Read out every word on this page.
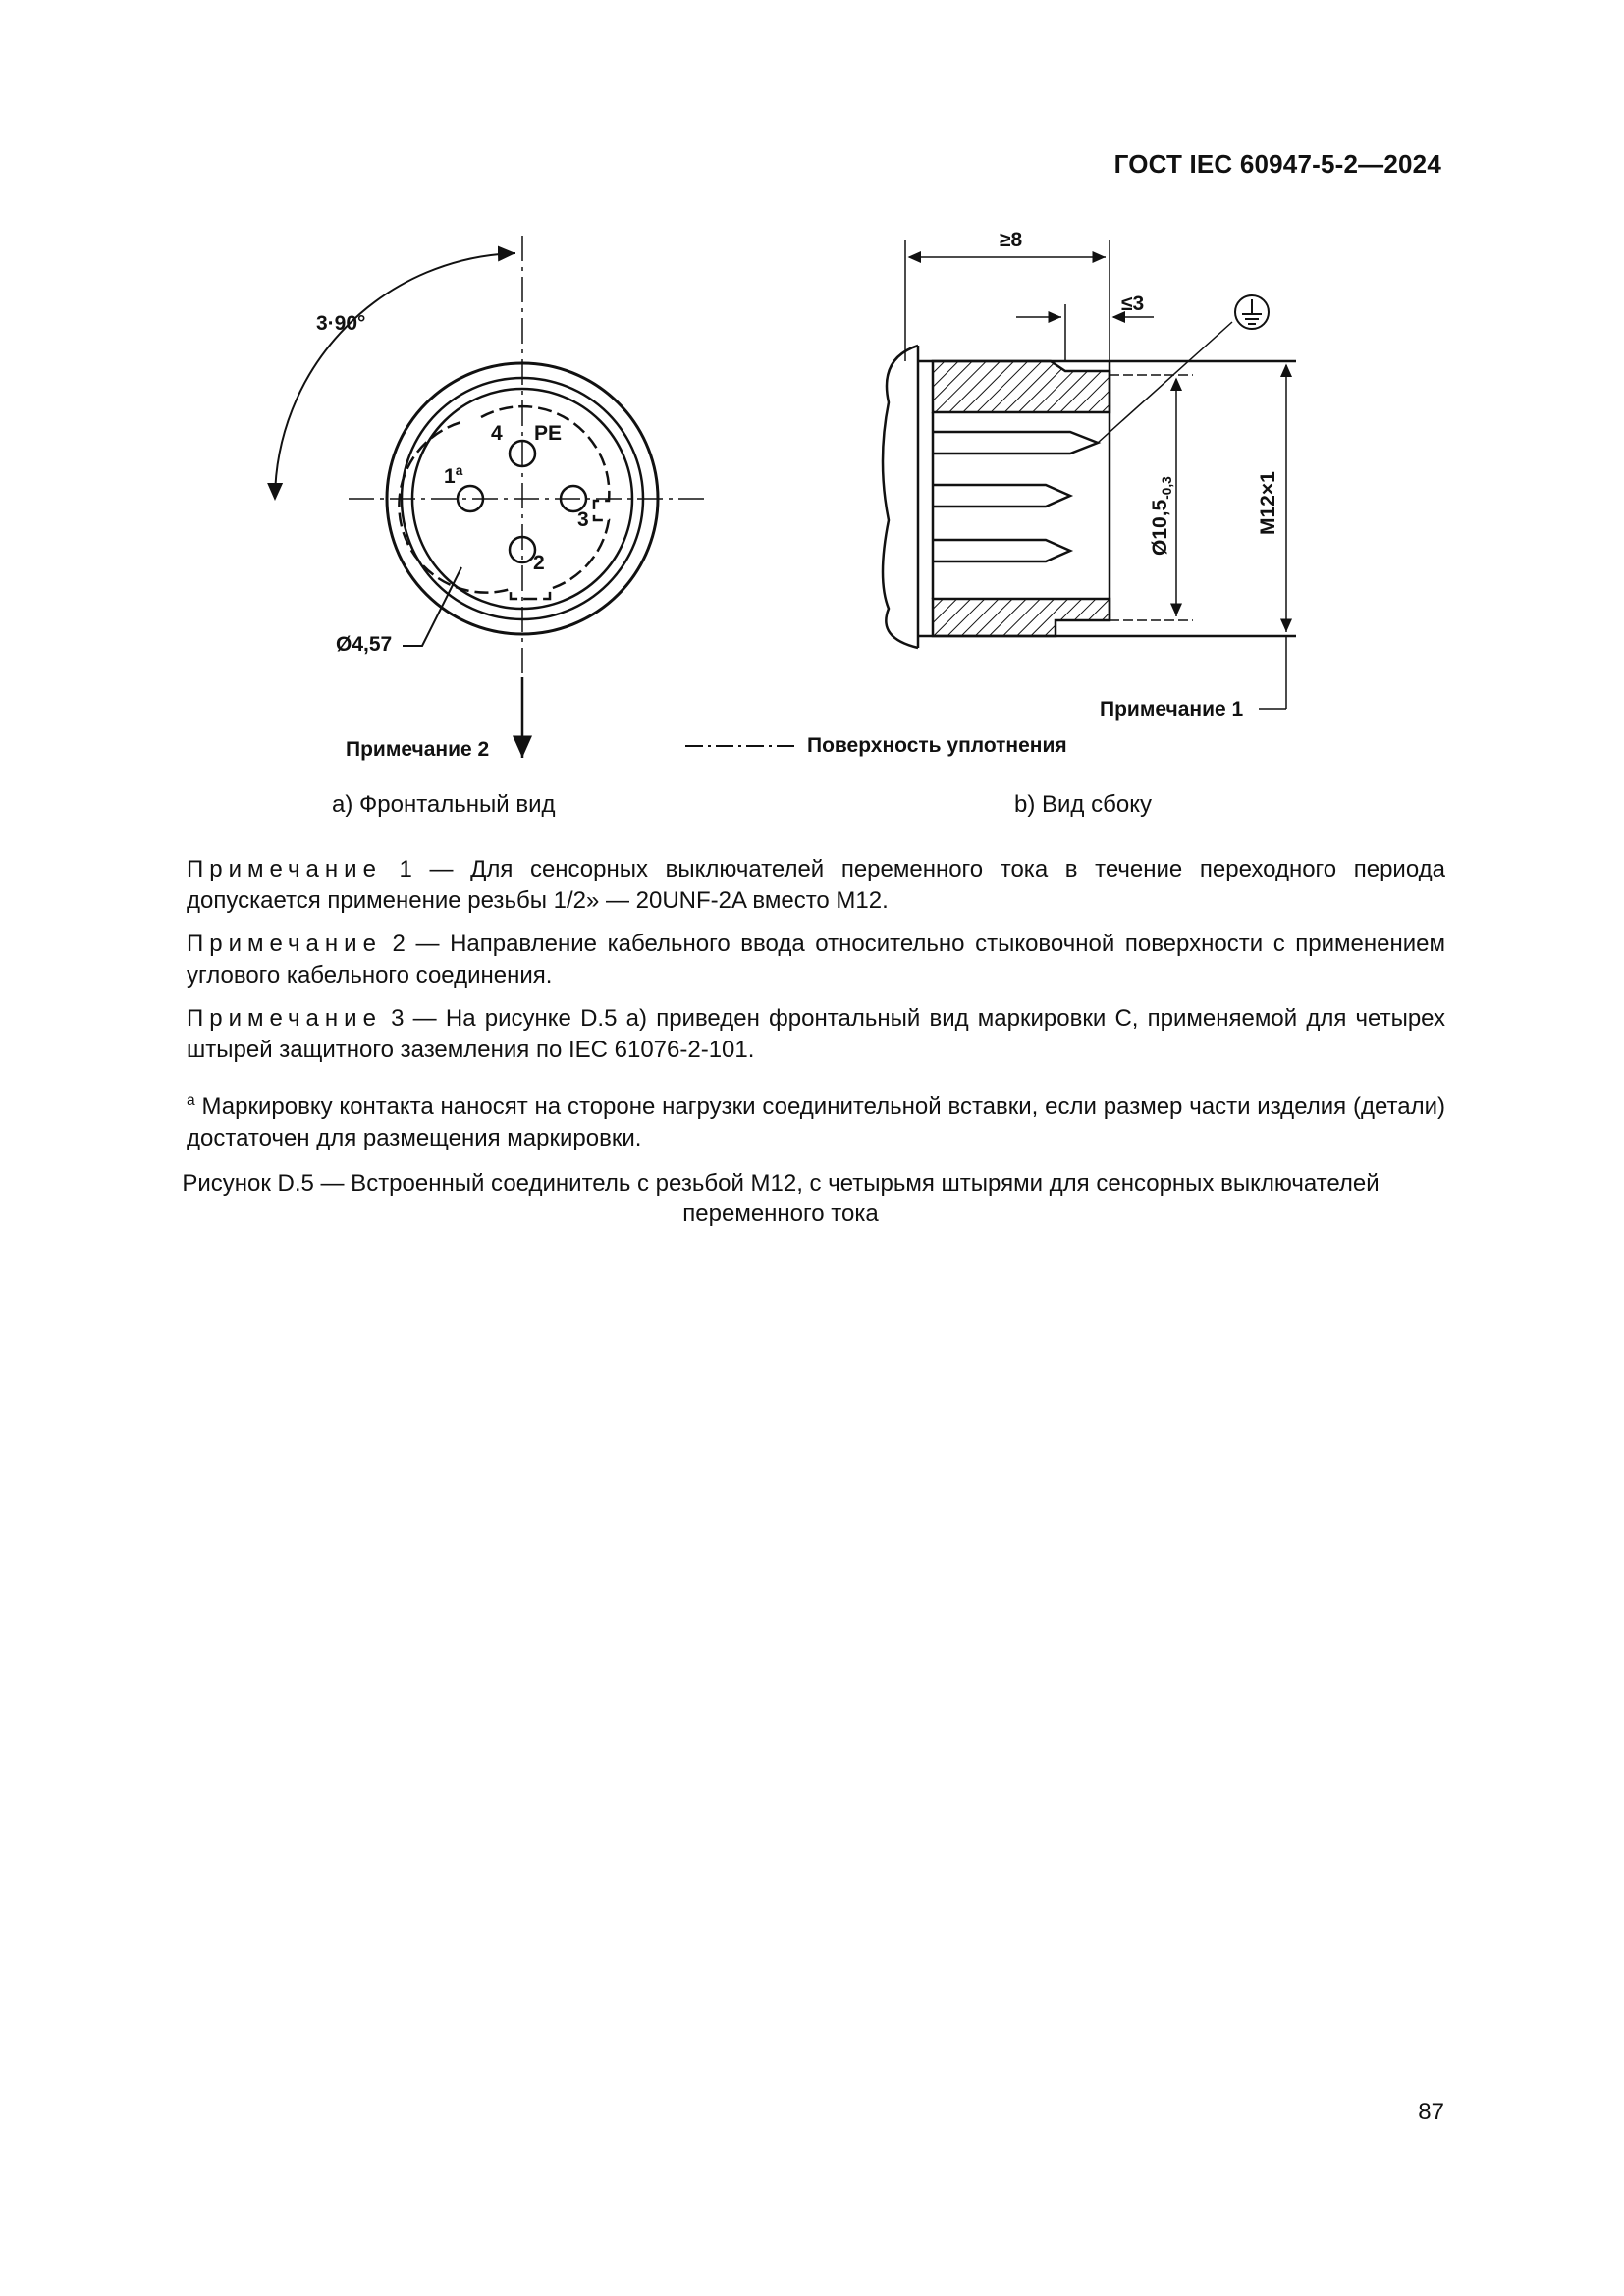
ГОСТ IEC 60947-5-2—2024
3·90°
4 PE
1$^a$
3
2
Ø4,57
Примечание 2
≥8
≤3
$Ø10,5_{-0,3}$	M12×1
Примечание 1
Поверхность уплотнения
а) Фронтальный вид	b) Вид сбоку

Примечание 1 — Для сенсорных выключателей переменного тока в течение переходного периода допускается применение резьбы 1/2» — 20UNF-2A вместо M12.

Примечание 2 — Направление кабельного ввода относительно стыковочной поверхности с применением углового кабельного соединения.

Примечание 3 — На рисунке D.5 а) приведен фронтальный вид маркировки С, применяемой для четырех штырей защитного заземления по IEC 61076-2-101.

$^a$ Маркировку контакта наносят на стороне нагрузки соединительной вставки, если размер части изделия (детали) достаточен для размещения маркировки.

Рисунок D.5 — Встроенный соединитель с резьбой M12, с четырьмя штырями для сенсорных выключателей переменного тока
87
